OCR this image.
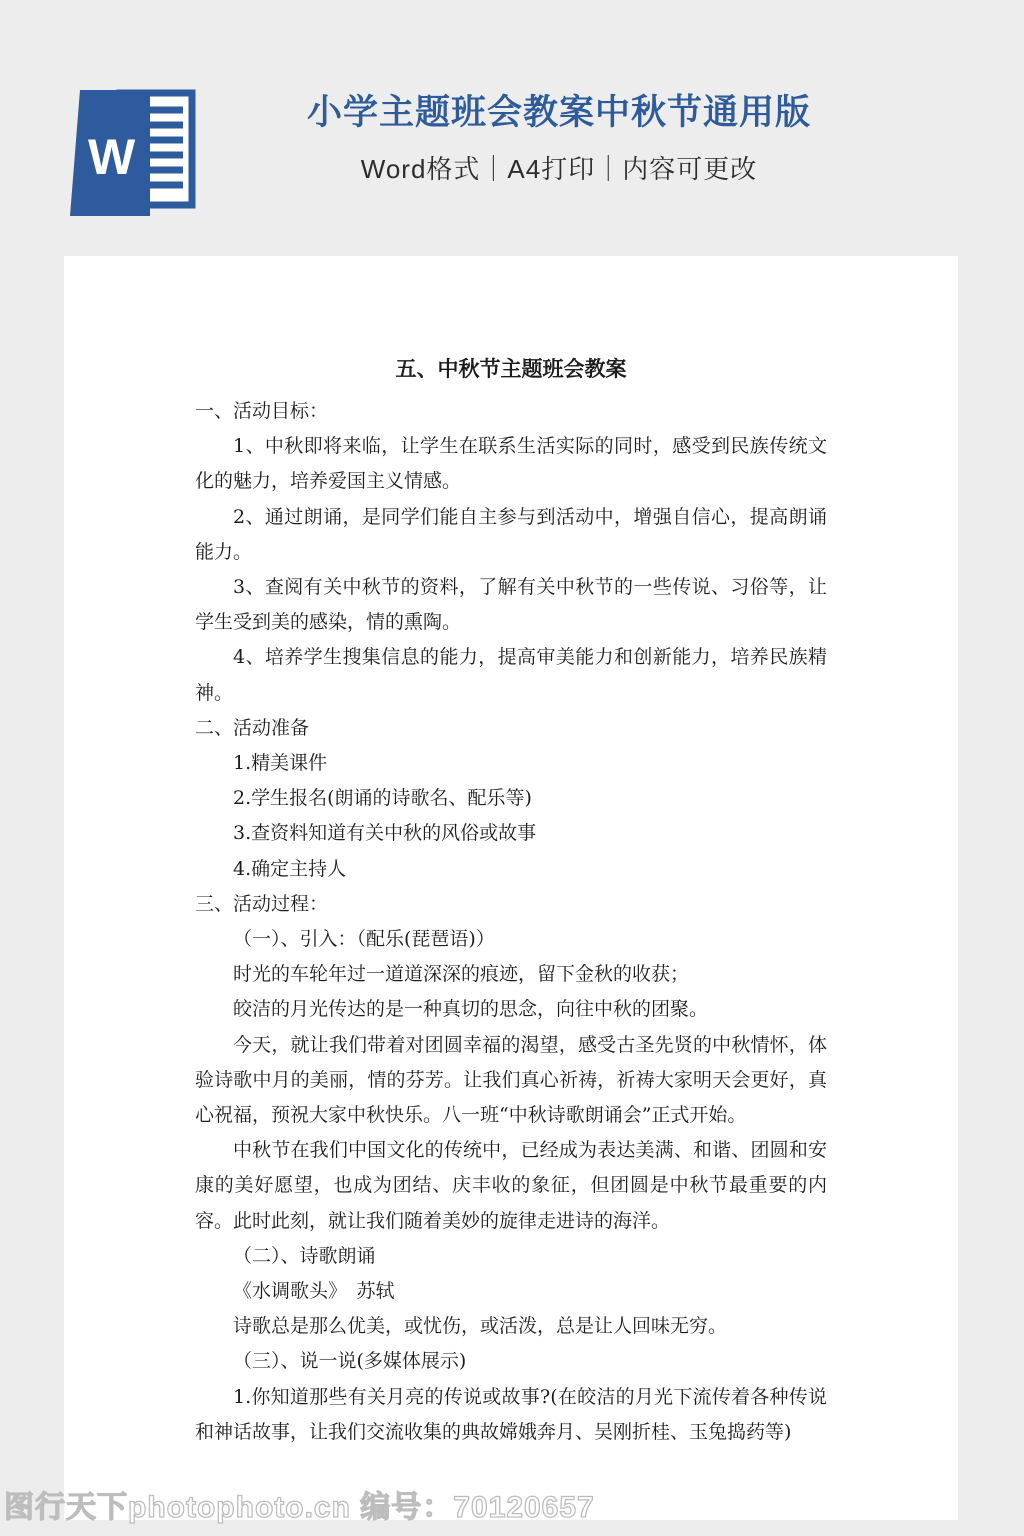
W
小学主题班会教案中秋节通用版
Word格式｜A4打印｜内容可更改
五、中秋节主题班会教案

一、活动目标：

1、中秋即将来临，让学生在联系生活实际的同时，感受到民族传统文化的魅力，培养爱国主义情感。

2、通过朗诵，是同学们能自主参与到活动中，增强自信心，提高朗诵能力。

3、查阅有关中秋节的资料，了解有关中秋节的一些传说、习俗等，让学生受到美的感染，情的熏陶。

4、培养学生搜集信息的能力，提高审美能力和创新能力，培养民族精神。

二、活动准备

1.精美课件

2.学生报名(朗诵的诗歌名、配乐等)

3.查资料知道有关中秋的风俗或故事

4.确定主持人

三、活动过程：

（一）、引入：（配乐(琵琶语)）

时光的车轮年过一道道深深的痕迹，留下金秋的收获；

皎洁的月光传达的是一种真切的思念，向往中秋的团聚。

今天，就让我们带着对团圆幸福的渴望，感受古圣先贤的中秋情怀，体验诗歌中月的美丽，情的芬芳。让我们真心祈祷，祈祷大家明天会更好，真心祝福，预祝大家中秋快乐。八一班“中秋诗歌朗诵会”正式开始。

中秋节在我们中国文化的传统中，已经成为表达美满、和谐、团圆和安康的美好愿望，也成为团结、庆丰收的象征，但团圆是中秋节最重要的内容。此时此刻，就让我们随着美妙的旋律走进诗的海洋。

（二）、诗歌朗诵

《水调歌头》　苏轼

诗歌总是那么优美，或忧伤，或活泼，总是让人回味无穷。

（三）、说一说(多媒体展示)

1.你知道那些有关月亮的传说或故事?(在皎洁的月光下流传着各种传说和神话故事，让我们交流收集的典故嫦娥奔月、吴刚折桂、玉兔捣药等)

图行天下photophoto.cn 编号：70120657
